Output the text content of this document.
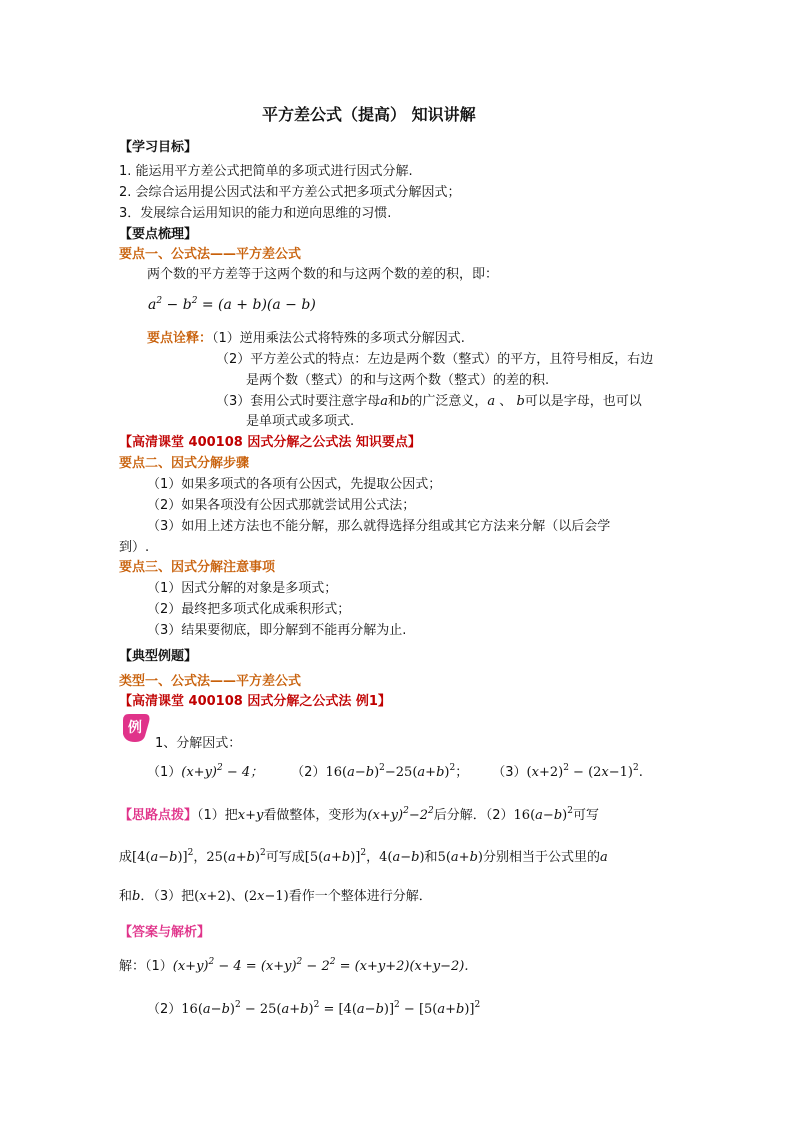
平方差公式（提高） 知识讲解
【学习目标】
1. 能运用平方差公式把简单的多项式进行因式分解.
2. 会综合运用提公因式法和平方差公式把多项式分解因式；
3．发展综合运用知识的能力和逆向思维的习惯.
【要点梳理】
要点一、公式法——平方差公式
两个数的平方差等于这两个数的和与这两个数的差的积，即：
$a^2 - b^2 = (a + b)(a - b)$
要点诠释：（1）逆用乘法公式将特殊的多项式分解因式.
（2）平方差公式的特点：左边是两个数（整式）的平方，且符号相反，右边
是两个数（整式）的和与这两个数（整式）的差的积.
（3）套用公式时要注意字母a和b的广泛意义，a 、 b可以是字母，也可以
是单项式或多项式.
【高清课堂 400108 因式分解之公式法 知识要点】
要点二、因式分解步骤
（1）如果多项式的各项有公因式，先提取公因式；
（2）如果各项没有公因式那就尝试用公式法；
（3）如用上述方法也不能分解，那么就得选择分组或其它方法来分解（以后会学
到）.
要点三、因式分解注意事项
（1）因式分解的对象是多项式；
（2）最终把多项式化成乘积形式；
（3）结果要彻底，即分解到不能再分解为止.
【典型例题】
类型一、公式法——平方差公式
【高清课堂 400108 因式分解之公式法 例1】
例
1、分解因式：
$(1)(x+y)^2 - 4$； $(2)16(a-b)^2-25(a+b)^2$； $(3)(x+2)^2 - (2x-1)^2$.
【思路点拨】（1）把x+y看做整体，变形为$(x+y)^2-2^2$后分解．$(2)16(a-b)^2$可写
成$[4(a-b)]^2$，$25(a+b)^2$可写成$[5(a+b)]^2$，4(a−b)和5(a+b)分别相当于公式里的a
和b．（3）把(x+2)、(2x−1)看作一个整体进行分解．
【答案与解析】
解：$(1)(x+y)^2 - 4 = (x+y)^2 - 2^2 = (x+y+2)(x+y-2)$.
$(2)16(a-b)^2 - 25(a+b)^2 = [4(a-b)]^2 - [5(a+b)]^2$
